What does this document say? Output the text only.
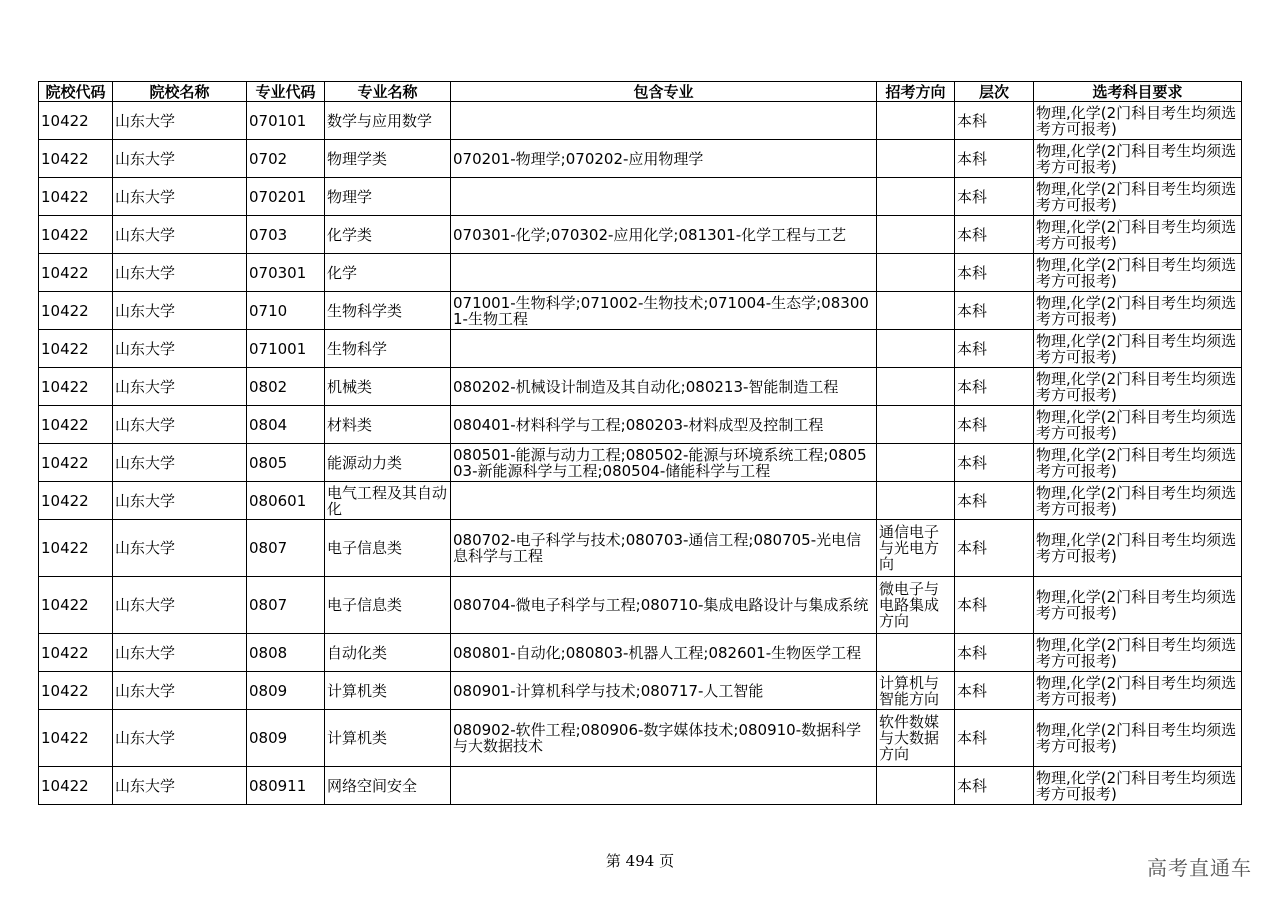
院校代码	院校名称	专业代码	专业名称	包含专业	招考方向	层次	选考科目要求
10422	山东大学	070101	数学与应用数学			本科	物理,化学(2门科目考生均须选考方可报考)
10422	山东大学	0702	物理学类	070201-物理学;070202-应用物理学		本科	物理,化学(2门科目考生均须选考方可报考)
10422	山东大学	070201	物理学			本科	物理,化学(2门科目考生均须选考方可报考)
10422	山东大学	0703	化学类	070301-化学;070302-应用化学;081301-化学工程与工艺		本科	物理,化学(2门科目考生均须选考方可报考)
10422	山东大学	070301	化学			本科	物理,化学(2门科目考生均须选考方可报考)
10422	山东大学	0710	生物科学类	071001-生物科学;071002-生物技术;071004-生态学;083001-生物工程		本科	物理,化学(2门科目考生均须选考方可报考)
10422	山东大学	071001	生物科学			本科	物理,化学(2门科目考生均须选考方可报考)
10422	山东大学	0802	机械类	080202-机械设计制造及其自动化;080213-智能制造工程		本科	物理,化学(2门科目考生均须选考方可报考)
10422	山东大学	0804	材料类	080401-材料科学与工程;080203-材料成型及控制工程		本科	物理,化学(2门科目考生均须选考方可报考)
10422	山东大学	0805	能源动力类	080501-能源与动力工程;080502-能源与环境系统工程;080503-新能源科学与工程;080504-储能科学与工程		本科	物理,化学(2门科目考生均须选考方可报考)
10422	山东大学	080601	电气工程及其自动化			本科	物理,化学(2门科目考生均须选考方可报考)
10422	山东大学	0807	电子信息类	080702-电子科学与技术;080703-通信工程;080705-光电信息科学与工程	通信电子与光电方向	本科	物理,化学(2门科目考生均须选考方可报考)
10422	山东大学	0807	电子信息类	080704-微电子科学与工程;080710-集成电路设计与集成系统	微电子与电路集成方向	本科	物理,化学(2门科目考生均须选考方可报考)
10422	山东大学	0808	自动化类	080801-自动化;080803-机器人工程;082601-生物医学工程		本科	物理,化学(2门科目考生均须选考方可报考)
10422	山东大学	0809	计算机类	080901-计算机科学与技术;080717-人工智能	计算机与智能方向	本科	物理,化学(2门科目考生均须选考方可报考)
10422	山东大学	0809	计算机类	080902-软件工程;080906-数字媒体技术;080910-数据科学与大数据技术	软件数媒与大数据方向	本科	物理,化学(2门科目考生均须选考方可报考)
10422	山东大学	080911	网络空间安全			本科	物理,化学(2门科目考生均须选考方可报考)
第 494 页	高考直通车
